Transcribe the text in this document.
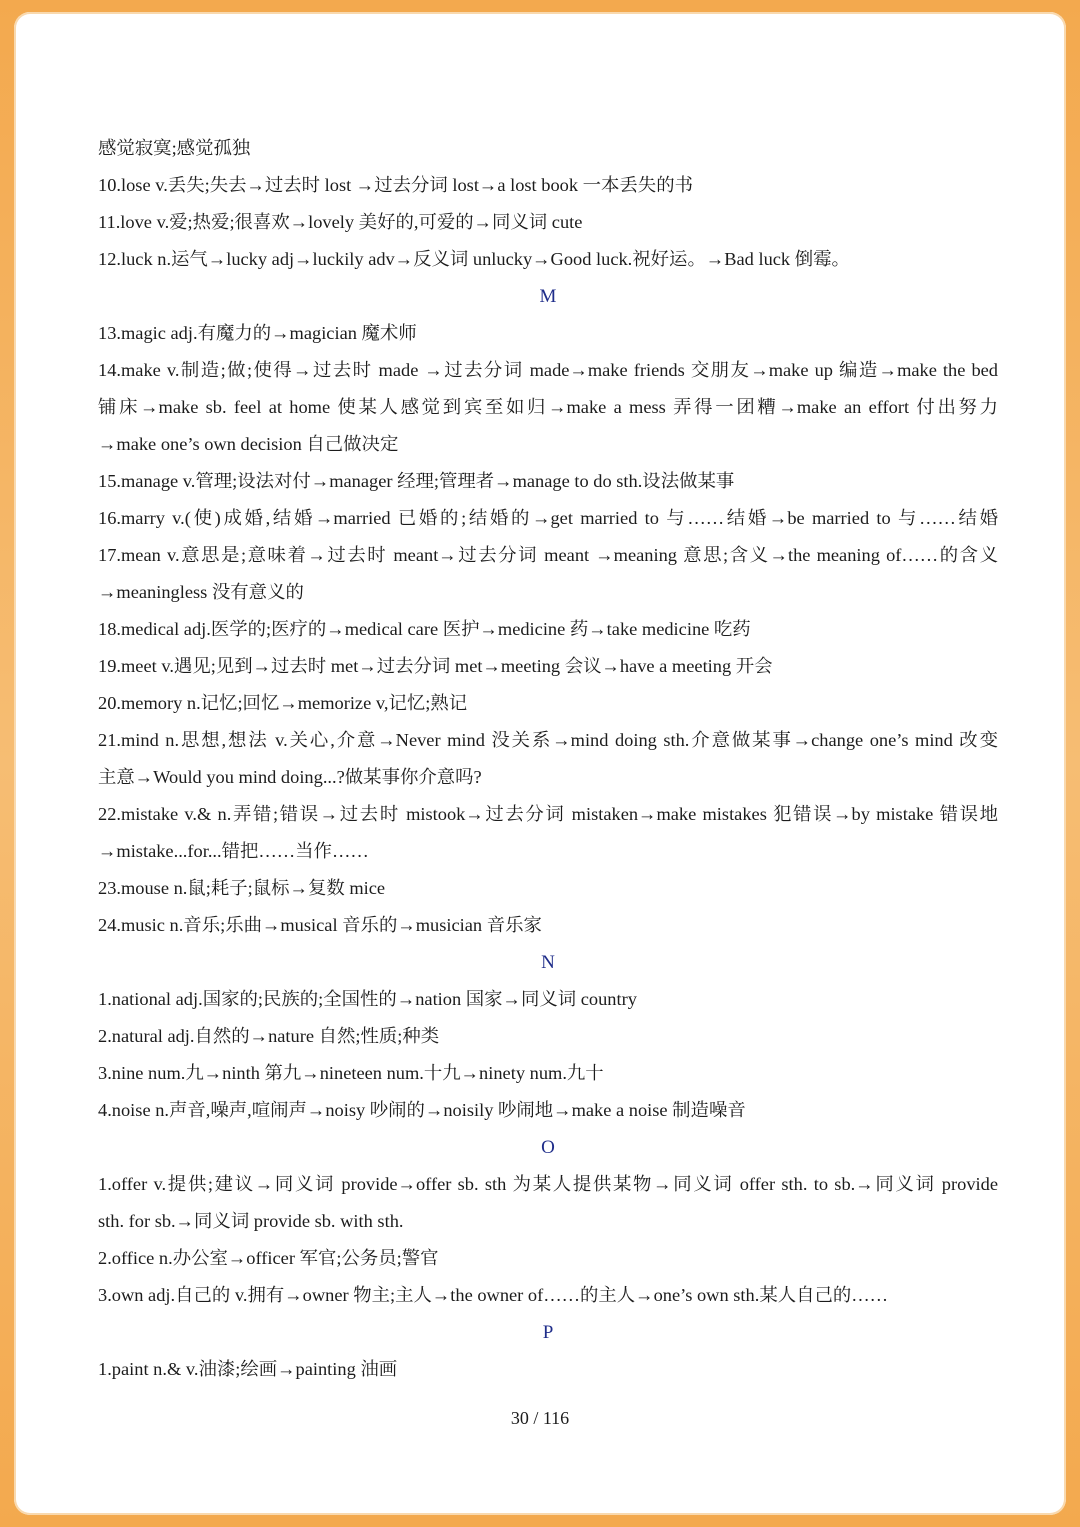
感觉寂寞;感觉孤独
10.lose v.丢失;失去→过去时 lost →过去分词 lost→a lost book 一本丢失的书
11.love v.爱;热爱;很喜欢→lovely 美好的,可爱的→同义词 cute
12.luck n.运气→lucky adj→luckily adv→反义词 unlucky→Good luck.祝好运。→Bad luck 倒霉。
M
13.magic adj.有魔力的→magician 魔术师
14.make v.制造;做;使得→过去时 made →过去分词 made→make friends 交朋友→make up 编造→make the bed
铺床→make sb. feel at home 使某人感觉到宾至如归→make a mess 弄得一团糟→make an effort 付出努力
→make one’s own decision 自己做决定
15.manage v.管理;设法对付→manager 经理;管理者→manage to do sth.设法做某事
16.marry v.(使)成婚,结婚→married 已婚的;结婚的→get married to 与……结婚→be married to 与……结婚
17.mean v.意思是;意味着→过去时 meant→过去分词 meant →meaning 意思;含义→the meaning of……的含义
→meaningless 没有意义的
18.medical adj.医学的;医疗的→medical care 医护→medicine 药→take medicine 吃药
19.meet v.遇见;见到→过去时 met→过去分词 met→meeting 会议→have a meeting 开会
20.memory n.记忆;回忆→memorize v,记忆;熟记
21.mind n.思想,想法 v.关心,介意→Never mind 没关系→mind doing sth.介意做某事→change one’s mind 改变
主意→Would you mind doing...?做某事你介意吗?
22.mistake v.& n.弄错;错误→过去时 mistook→过去分词 mistaken→make mistakes 犯错误→by mistake 错误地
→mistake...for...错把……当作……
23.mouse n.鼠;耗子;鼠标→复数 mice
24.music n.音乐;乐曲→musical 音乐的→musician 音乐家
N
1.national adj.国家的;民族的;全国性的→nation 国家→同义词 country
2.natural adj.自然的→nature 自然;性质;种类
3.nine num.九→ninth 第九→nineteen num.十九→ninety num.九十
4.noise n.声音,噪声,喧闹声→noisy 吵闹的→noisily 吵闹地→make a noise 制造噪音
O
1.offer v.提供;建议→同义词 provide→offer sb. sth 为某人提供某物→同义词 offer sth. to sb.→同义词 provide
sth. for sb.→同义词 provide sb. with sth.
2.office n.办公室→officer 军官;公务员;警官
3.own adj.自己的 v.拥有→owner 物主;主人→the owner of……的主人→one’s own sth.某人自己的……
P
1.paint n.& v.油漆;绘画→painting 油画
30 / 116
